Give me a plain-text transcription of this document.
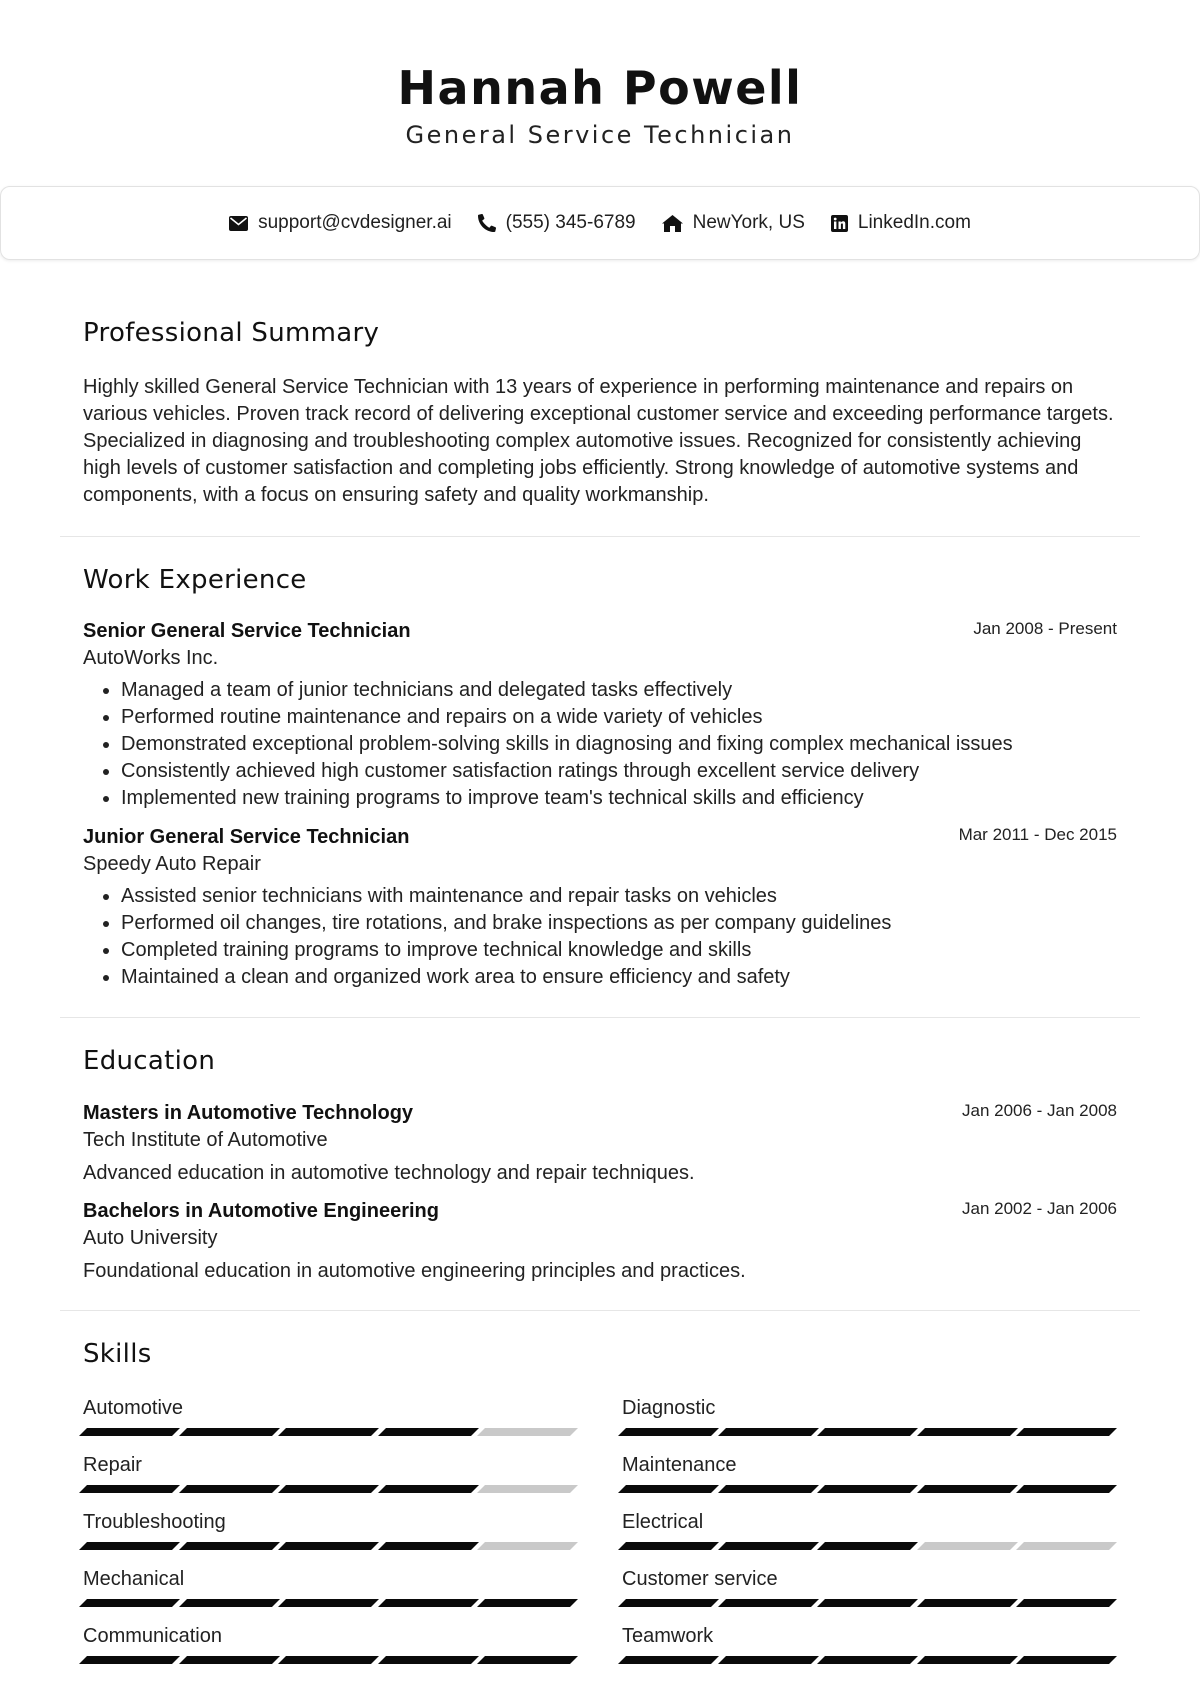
Hannah Powell
General Service Technician
support@cvdesigner.ai	(555) 345-6789	NewYork, US	LinkedIn.com
Professional Summary
Highly skilled General Service Technician with 13 years of experience in performing maintenance and repairs on various vehicles. Proven track record of delivering exceptional customer service and exceeding performance targets. Specialized in diagnosing and troubleshooting complex automotive issues. Recognized for consistently achieving high levels of customer satisfaction and completing jobs efficiently. Strong knowledge of automotive systems and components, with a focus on ensuring safety and quality workmanship.
Work Experience
Senior General Service Technician	Jan 2008 - Present
AutoWorks Inc.
• Managed a team of junior technicians and delegated tasks effectively
• Performed routine maintenance and repairs on a wide variety of vehicles
• Demonstrated exceptional problem-solving skills in diagnosing and fixing complex mechanical issues
• Consistently achieved high customer satisfaction ratings through excellent service delivery
• Implemented new training programs to improve team's technical skills and efficiency
Junior General Service Technician	Mar 2011 - Dec 2015
Speedy Auto Repair
• Assisted senior technicians with maintenance and repair tasks on vehicles
• Performed oil changes, tire rotations, and brake inspections as per company guidelines
• Completed training programs to improve technical knowledge and skills
• Maintained a clean and organized work area to ensure efficiency and safety
Education
Masters in Automotive Technology	Jan 2006 - Jan 2008
Tech Institute of Automotive
Advanced education in automotive technology and repair techniques.
Bachelors in Automotive Engineering	Jan 2002 - Jan 2006
Auto University
Foundational education in automotive engineering principles and practices.
Skills
Automotive	Diagnostic
Repair	Maintenance
Troubleshooting	Electrical
Mechanical	Customer service
Communication	Teamwork
